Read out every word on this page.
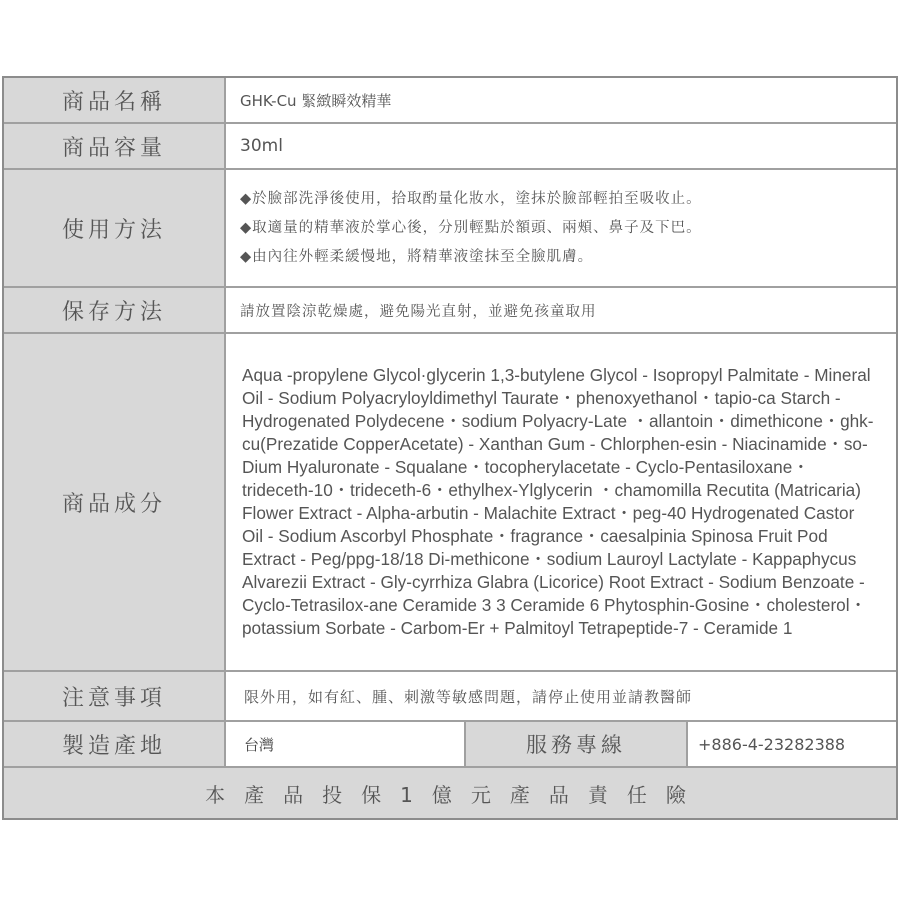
商品名稱	GHK-Cu 緊緻瞬效精華
商品容量	30ml
使用方法
◆於臉部洗淨後使用，拾取酌量化妝水，塗抹於臉部輕拍至吸收止。
◆取適量的精華液於掌心後，分別輕點於額頭、兩頰、鼻子及下巴。
◆由內往外輕柔緩慢地，將精華液塗抹至全臉肌膚。
保存方法	請放置陰涼乾燥處，避免陽光直射，並避免孩童取用
商品成分
Aqua -propylene Glycol·glycerin 1,3-butylene Glycol - Isopropyl Palmitate - Mineral Oil - Sodium Polyacryloyldimethyl Taurate・phenoxyethanol・tapio-ca Starch - Hydrogenated Polydecene・sodium Polyacry-Late ・allantoin・dimethicone・ghk-cu(Prezatide CopperAcetate) - Xanthan Gum - Chlorphen-esin - Niacinamide・so-Dium Hyaluronate - Squalane・tocopherylacetate - Cyclo-Pentasiloxane・trideceth-10・trideceth-6・ethylhex-Ylglycerin ・chamomilla Recutita (Matricaria) Flower Extract - Alpha-arbutin - Malachite Extract・peg-40 Hydrogenated Castor Oil - Sodium Ascorbyl Phosphate・fragrance・caesalpinia Spinosa Fruit Pod Extract - Peg/ppg-18/18 Di-methicone・sodium Lauroyl Lactylate - Kappaphycus Alvarezii Extract - Gly-cyrrhiza Glabra (Licorice) Root Extract - Sodium Benzoate - Cyclo-Tetrasilox-ane Ceramide 3 3 Ceramide 6 Phytosphin-Gosine・cholesterol・potassium Sorbate - Carbom-Er + Palmitoyl Tetrapeptide-7 - Ceramide 1
注意事項	限外用，如有紅、腫、刺激等敏感問題，請停止使用並請教醫師
製造產地	台灣	服務專線	+886-4-23282388
本產品投保1億元產品責任險
